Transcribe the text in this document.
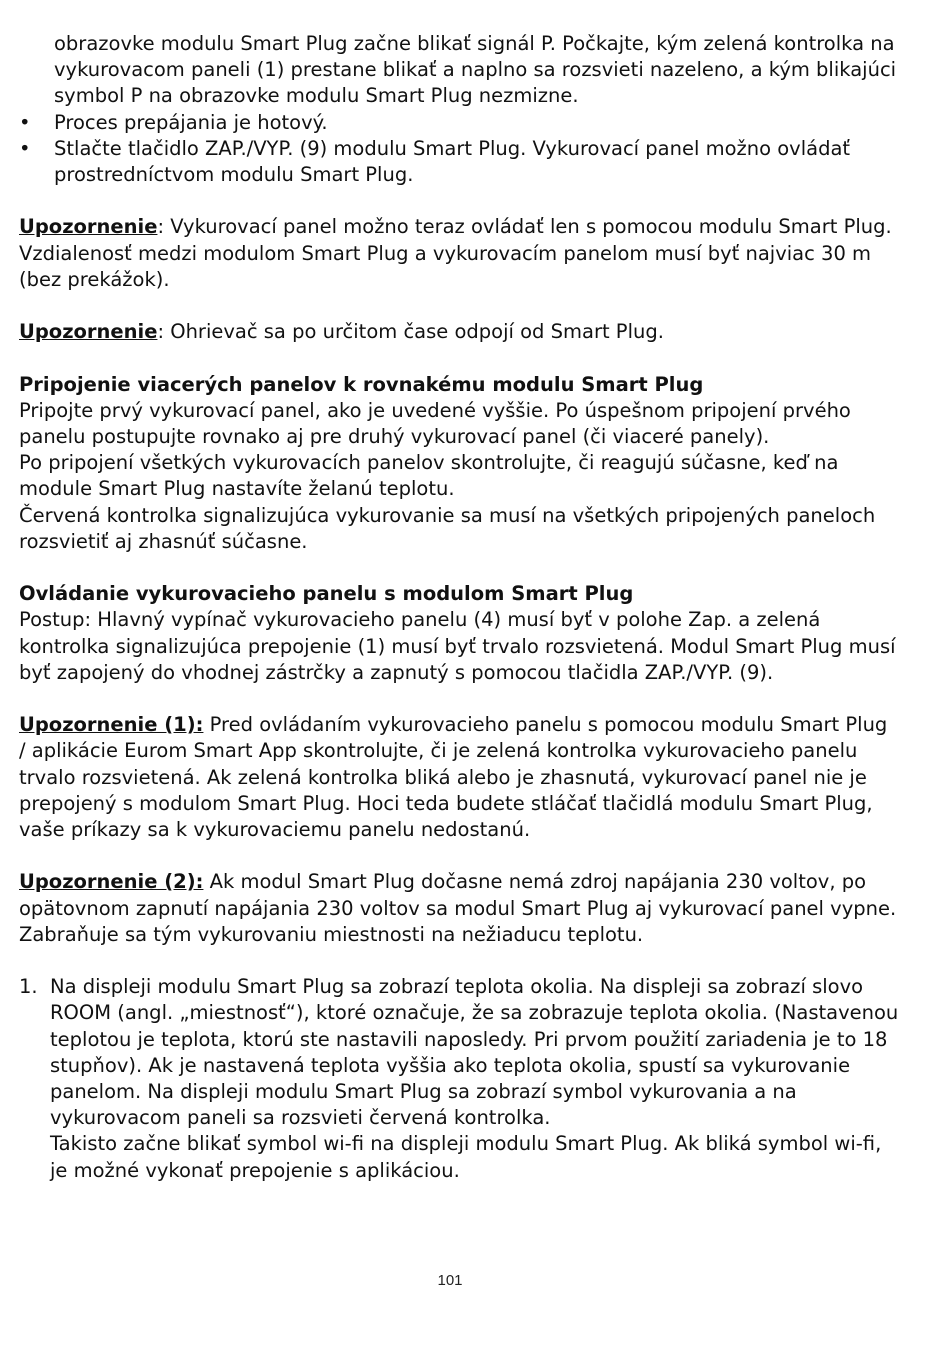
obrazovke modulu Smart Plug začne blikať signál P. Počkajte, kým zelená kontrolka na vykurovacom paneli (1) prestane blikať a naplno sa rozsvieti nazeleno, a kým blikajúci symbol P na obrazovke modulu Smart Plug nezmizne.

• Proces prepájania je hotový.
• Stlačte tlačidlo ZAP./VYP. (9) modulu Smart Plug. Vykurovací panel možno ovládať prostredníctvom modulu Smart Plug.

Upozornenie: Vykurovací panel možno teraz ovládať len s pomocou modulu Smart Plug. Vzdialenosť medzi modulom Smart Plug a vykurovacím panelom musí byť najviac 30 m (bez prekážok).

Upozornenie: Ohrievač sa po určitom čase odpojí od Smart Plug.

Pripojenie viacerých panelov k rovnakému modulu Smart Plug

Pripojte prvý vykurovací panel, ako je uvedené vyššie. Po úspešnom pripojení prvého panelu postupujte rovnako aj pre druhý vykurovací panel (či viaceré panely).

Po pripojení všetkých vykurovacích panelov skontrolujte, či reagujú súčasne, keď na module Smart Plug nastavíte želanú teplotu.

Červená kontrolka signalizujúca vykurovanie sa musí na všetkých pripojených paneloch rozsvietiť aj zhasnúť súčasne.

Ovládanie vykurovacieho panelu s modulom Smart Plug

Postup: Hlavný vypínač vykurovacieho panelu (4) musí byť v polohe Zap. a zelená kontrolka signalizujúca prepojenie (1) musí byť trvalo rozsvietená. Modul Smart Plug musí byť zapojený do vhodnej zástrčky a zapnutý s pomocou tlačidla ZAP./VYP. (9).

Upozornenie (1): Pred ovládaním vykurovacieho panelu s pomocou modulu Smart Plug / aplikácie Eurom Smart App skontrolujte, či je zelená kontrolka vykurovacieho panelu trvalo rozsvietená. Ak zelená kontrolka bliká alebo je zhasnutá, vykurovací panel nie je prepojený s modulom Smart Plug. Hoci teda budete stláčať tlačidlá modulu Smart Plug, vaše príkazy sa k vykurovaciemu panelu nedostanú.

Upozornenie (2): Ak modul Smart Plug dočasne nemá zdroj napájania 230 voltov, po opätovnom zapnutí napájania 230 voltov sa modul Smart Plug aj vykurovací panel vypne. Zabraňuje sa tým vykurovaniu miestnosti na nežiaducu teplotu.

1. Na displeji modulu Smart Plug sa zobrazí teplota okolia. Na displeji sa zobrazí slovo ROOM (angl. „miestnosť“), ktoré označuje, že sa zobrazuje teplota okolia. (Nastavenou teplotou je teplota, ktorú ste nastavili naposledy. Pri prvom použití zariadenia je to 18 stupňov). Ak je nastavená teplota vyššia ako teplota okolia, spustí sa vykurovanie panelom. Na displeji modulu Smart Plug sa zobrazí symbol vykurovania a na vykurovacom paneli sa rozsvieti červená kontrolka.

Takisto začne blikať symbol wi-fi na displeji modulu Smart Plug. Ak bliká symbol wi-fi, je možné vykonať prepojenie s aplikáciou.

101
